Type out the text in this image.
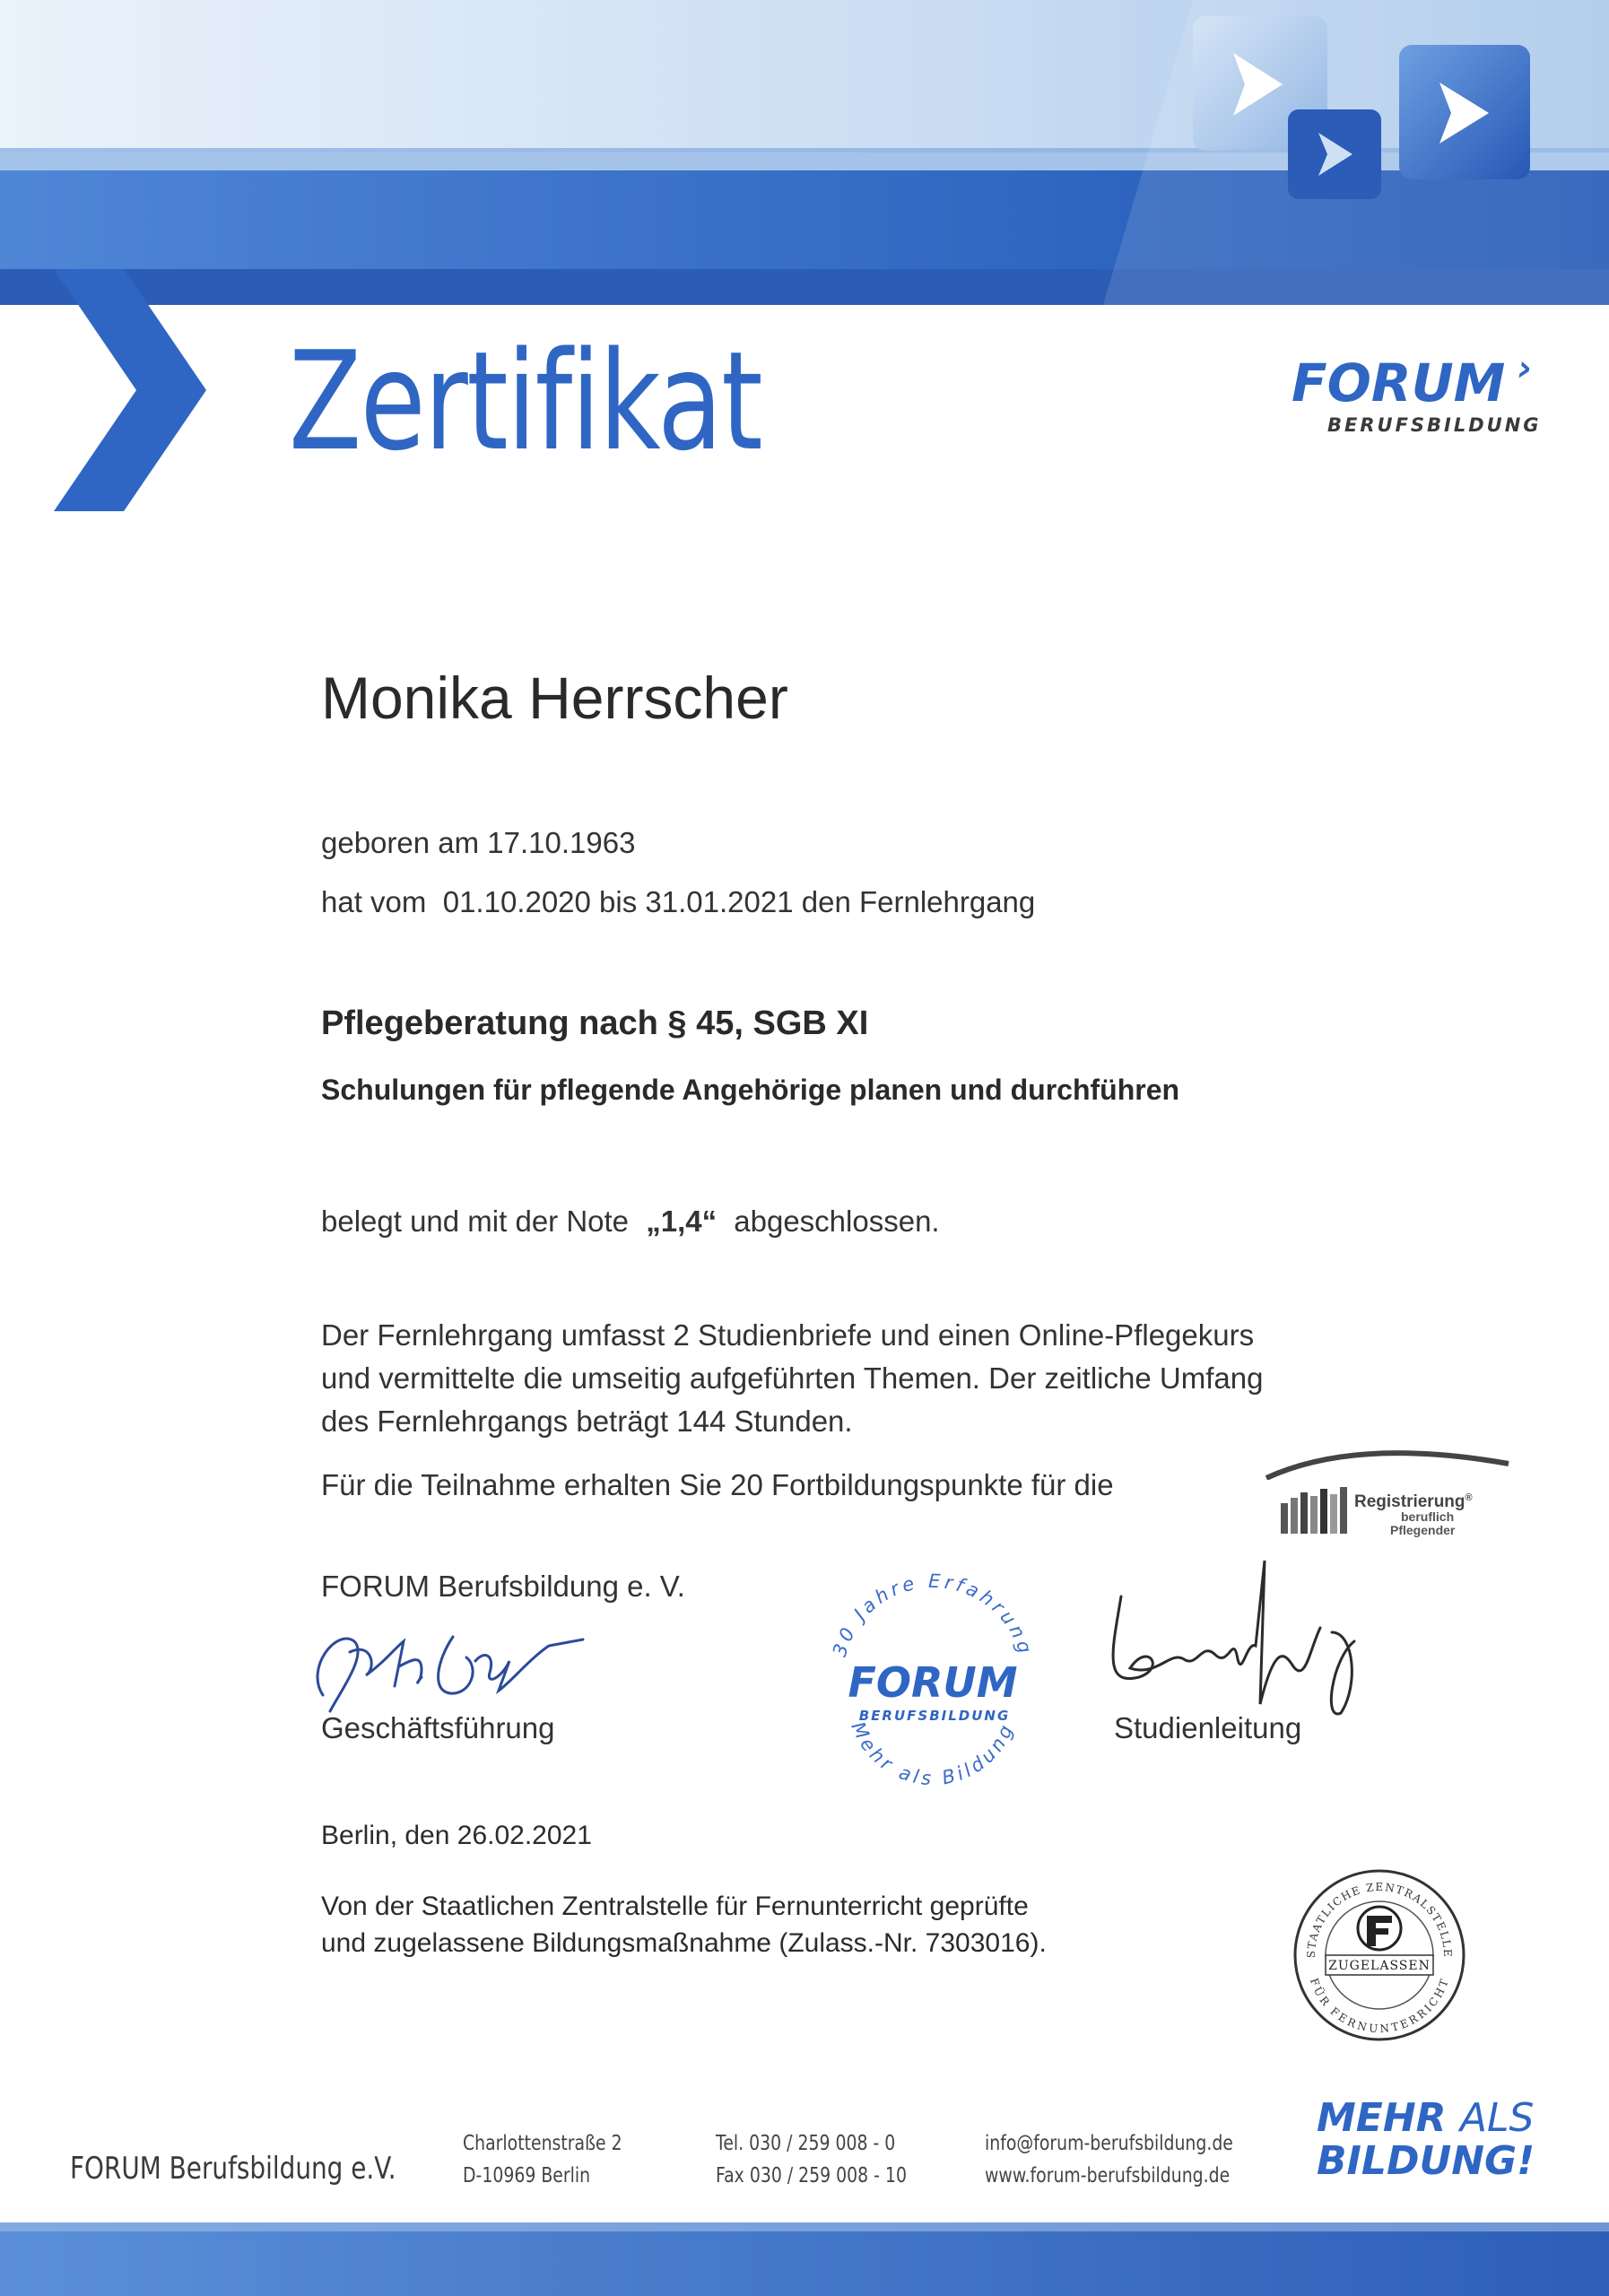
Zertifikat	FORUM
BERUFSBILDUNG
›
Monika Herrscher
geboren am 17.10.1963
hat vom  01.10.2020 bis 31.01.2021 den Fernlehrgang
Pflegeberatung nach § 45, SGB XI
Schulungen für pflegende Angehörige planen und durchführen
belegt und mit der Note „1,4“ abgeschlossen.
Der Fernlehrgang umfasst 2 Studienbriefe und einen Online-Pflegekurs
und vermittelte die umseitig aufgeführten Themen. Der zeitliche Umfang
des Fernlehrgangs beträgt 144 Stunden.
Für die Teilnahme erhalten Sie 20 Fortbildungspunkte für die
Registrierung®
beruflich
Pflegender
FORUM Berufsbildung e. V.
Geschäftsführung
30 Jahre Erfahrung
Mehr als Bildung
FORUM
BERUFSBILDUNG	Studienleitung
Berlin, den 26.02.2021
Von der Staatlichen Zentralstelle für Fernunterricht geprüfte
und zugelassene Bildungsmaßnahme (Zulass.-Nr. 7303016).	STAATLICHE ZENTRALSTELLE
FÜR FERNUNTERRICHT
ZUGELASSEN
FORUM Berufsbildung e.V.
Charlottenstraße 2
D-10969 Berlin
Tel. 030 / 259 008 - 0
Fax 030 / 259 008 - 10
info@forum-berufsbildung.de
www.forum-berufsbildung.de
MEHR ALS
BILDUNG!
